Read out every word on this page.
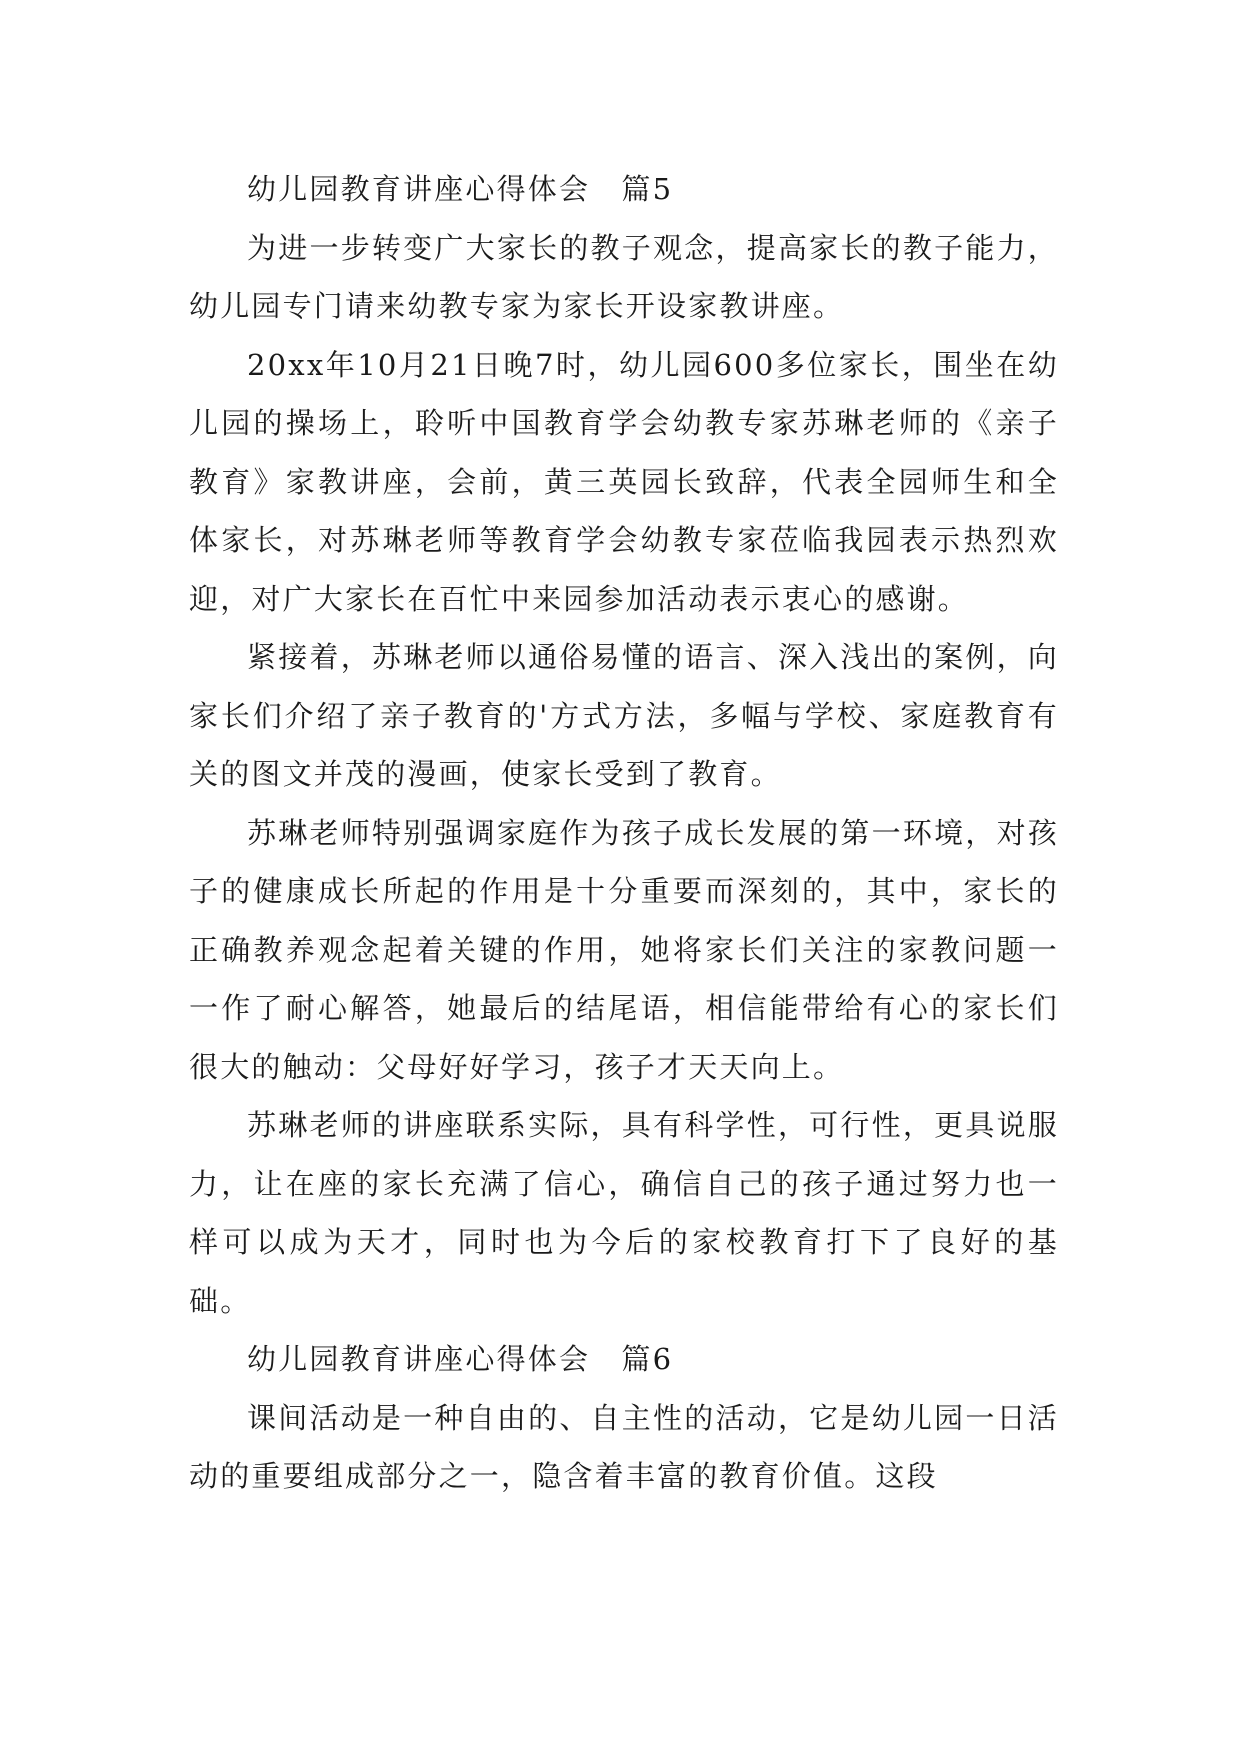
幼儿园教育讲座心得体会　篇5

为进一步转变广大家长的教子观念，提高家长的教子能力，幼儿园专门请来幼教专家为家长开设家教讲座。

20xx年10月21日晚7时，幼儿园600多位家长，围坐在幼儿园的操场上，聆听中国教育学会幼教专家苏琳老师的《亲子教育》家教讲座，会前，黄三英园长致辞，代表全园师生和全体家长，对苏琳老师等教育学会幼教专家莅临我园表示热烈欢迎，对广大家长在百忙中来园参加活动表示衷心的感谢。

紧接着，苏琳老师以通俗易懂的语言、深入浅出的案例，向家长们介绍了亲子教育的'方式方法，多幅与学校、家庭教育有关的图文并茂的漫画，使家长受到了教育。

苏琳老师特别强调家庭作为孩子成长发展的第一环境，对孩子的健康成长所起的作用是十分重要而深刻的，其中，家长的正确教养观念起着关键的作用，她将家长们关注的家教问题一一作了耐心解答，她最后的结尾语，相信能带给有心的家长们很大的触动：父母好好学习，孩子才天天向上。

苏琳老师的讲座联系实际，具有科学性，可行性，更具说服力，让在座的家长充满了信心，确信自己的孩子通过努力也一样可以成为天才，同时也为今后的家校教育打下了良好的基础。

幼儿园教育讲座心得体会　篇6

课间活动是一种自由的、自主性的活动，它是幼儿园一日活动的重要组成部分之一，隐含着丰富的教育价值。这段
